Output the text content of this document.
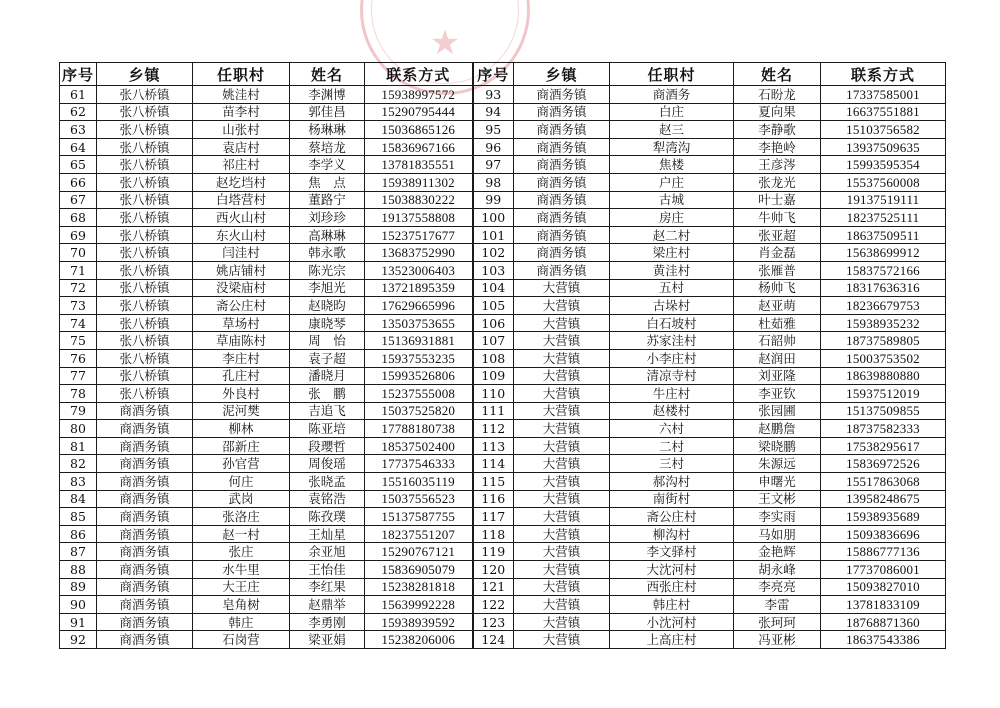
★
序号	乡镇	任职村	姓名	联系方式	序号	乡镇	任职村	姓名	联系方式
61	张八桥镇	姚洼村	李渊博	15938997572	93	商酒务镇	商酒务	石盼龙	17337585001
62	张八桥镇	苗李村	郭佳昌	15290795444	94	商酒务镇	白庄	夏向果	16637551881
63	张八桥镇	山张村	杨琳琳	15036865126	95	商酒务镇	赵三	李静歌	15103756582
64	张八桥镇	袁店村	蔡培龙	15836967166	96	商酒务镇	犁湾沟	李艳岭	13937509635
65	张八桥镇	祁庄村	李学义	13781835551	97	商酒务镇	焦楼	王彦涔	15993595354
66	张八桥镇	赵圪垱村	焦　点	15938911302	98	商酒务镇	户庄	张龙光	15537560008
67	张八桥镇	白塔营村	董路宁	15038830222	99	商酒务镇	古城	叶士嘉	19137519111
68	张八桥镇	西火山村	刘珍珍	19137558808	100	商酒务镇	房庄	牛帅飞	18237525111
69	张八桥镇	东火山村	高琳琳	15237517677	101	商酒务镇	赵二村	张亚超	18637509511
70	张八桥镇	闫洼村	韩永歌	13683752990	102	商酒务镇	梁庄村	肖金磊	15638699912
71	张八桥镇	姚店铺村	陈光宗	13523006403	103	商酒务镇	黄洼村	张雁普	15837572166
72	张八桥镇	没梁庙村	李旭光	13721895359	104	大营镇	五村	杨帅飞	18317636316
73	张八桥镇	斋公庄村	赵晓昀	17629665996	105	大营镇	古垛村	赵亚萌	18236679753
74	张八桥镇	草场村	康晓琴	13503753655	106	大营镇	白石坡村	杜茹雅	15938935232
75	张八桥镇	草庙陈村	周　怡	15136931881	107	大营镇	苏家洼村	石韶帅	18737589805
76	张八桥镇	李庄村	袁子超	15937553235	108	大营镇	小李庄村	赵润田	15003753502
77	张八桥镇	孔庄村	潘晓月	15993526806	109	大营镇	清凉寺村	刘亚隆	18639880880
78	张八桥镇	外良村	张　鹏	15237555008	110	大营镇	牛庄村	李亚钦	15937512019
79	商酒务镇	泥河樊	吉追飞	15037525820	111	大营镇	赵楼村	张园圃	15137509855
80	商酒务镇	柳林	陈亚培	17788180738	112	大营镇	六村	赵鹏詹	18737582333
81	商酒务镇	邵新庄	段瓔哲	18537502400	113	大营镇	二村	梁晓鹏	17538295617
82	商酒务镇	孙官营	周俊瑶	17737546333	114	大营镇	三村	朱源远	15836972526
83	商酒务镇	何庄	张晓孟	15516035119	115	大营镇	郝沟村	申曙光	15517863068
84	商酒务镇	武岗	袁铭浩	15037556523	116	大营镇	南街村	王文彬	13958248675
85	商酒务镇	张洛庄	陈孜璞	15137587755	117	大营镇	斋公庄村	李实雨	15938935689
86	商酒务镇	赵一村	王灿星	18237551207	118	大营镇	柳沟村	马如朋	15093836696
87	商酒务镇	张庄	余亚旭	15290767121	119	大营镇	李文驿村	金艳辉	15886777136
88	商酒务镇	水牛里	王怡佳	15836905079	120	大营镇	大沈河村	胡永峰	17737086001
89	商酒务镇	大王庄	李红果	15238281818	121	大营镇	西张庄村	李亮亮	15093827010
90	商酒务镇	皂角树	赵鼎举	15639992228	122	大营镇	韩庄村	李雷	13781833109
91	商酒务镇	韩庄	李勇刚	15938939592	123	大营镇	小沈河村	张珂珂	18768871360
92	商酒务镇	石岗营	梁亚娟	15238206006	124	大营镇	上高庄村	冯亚彬	18637543386
